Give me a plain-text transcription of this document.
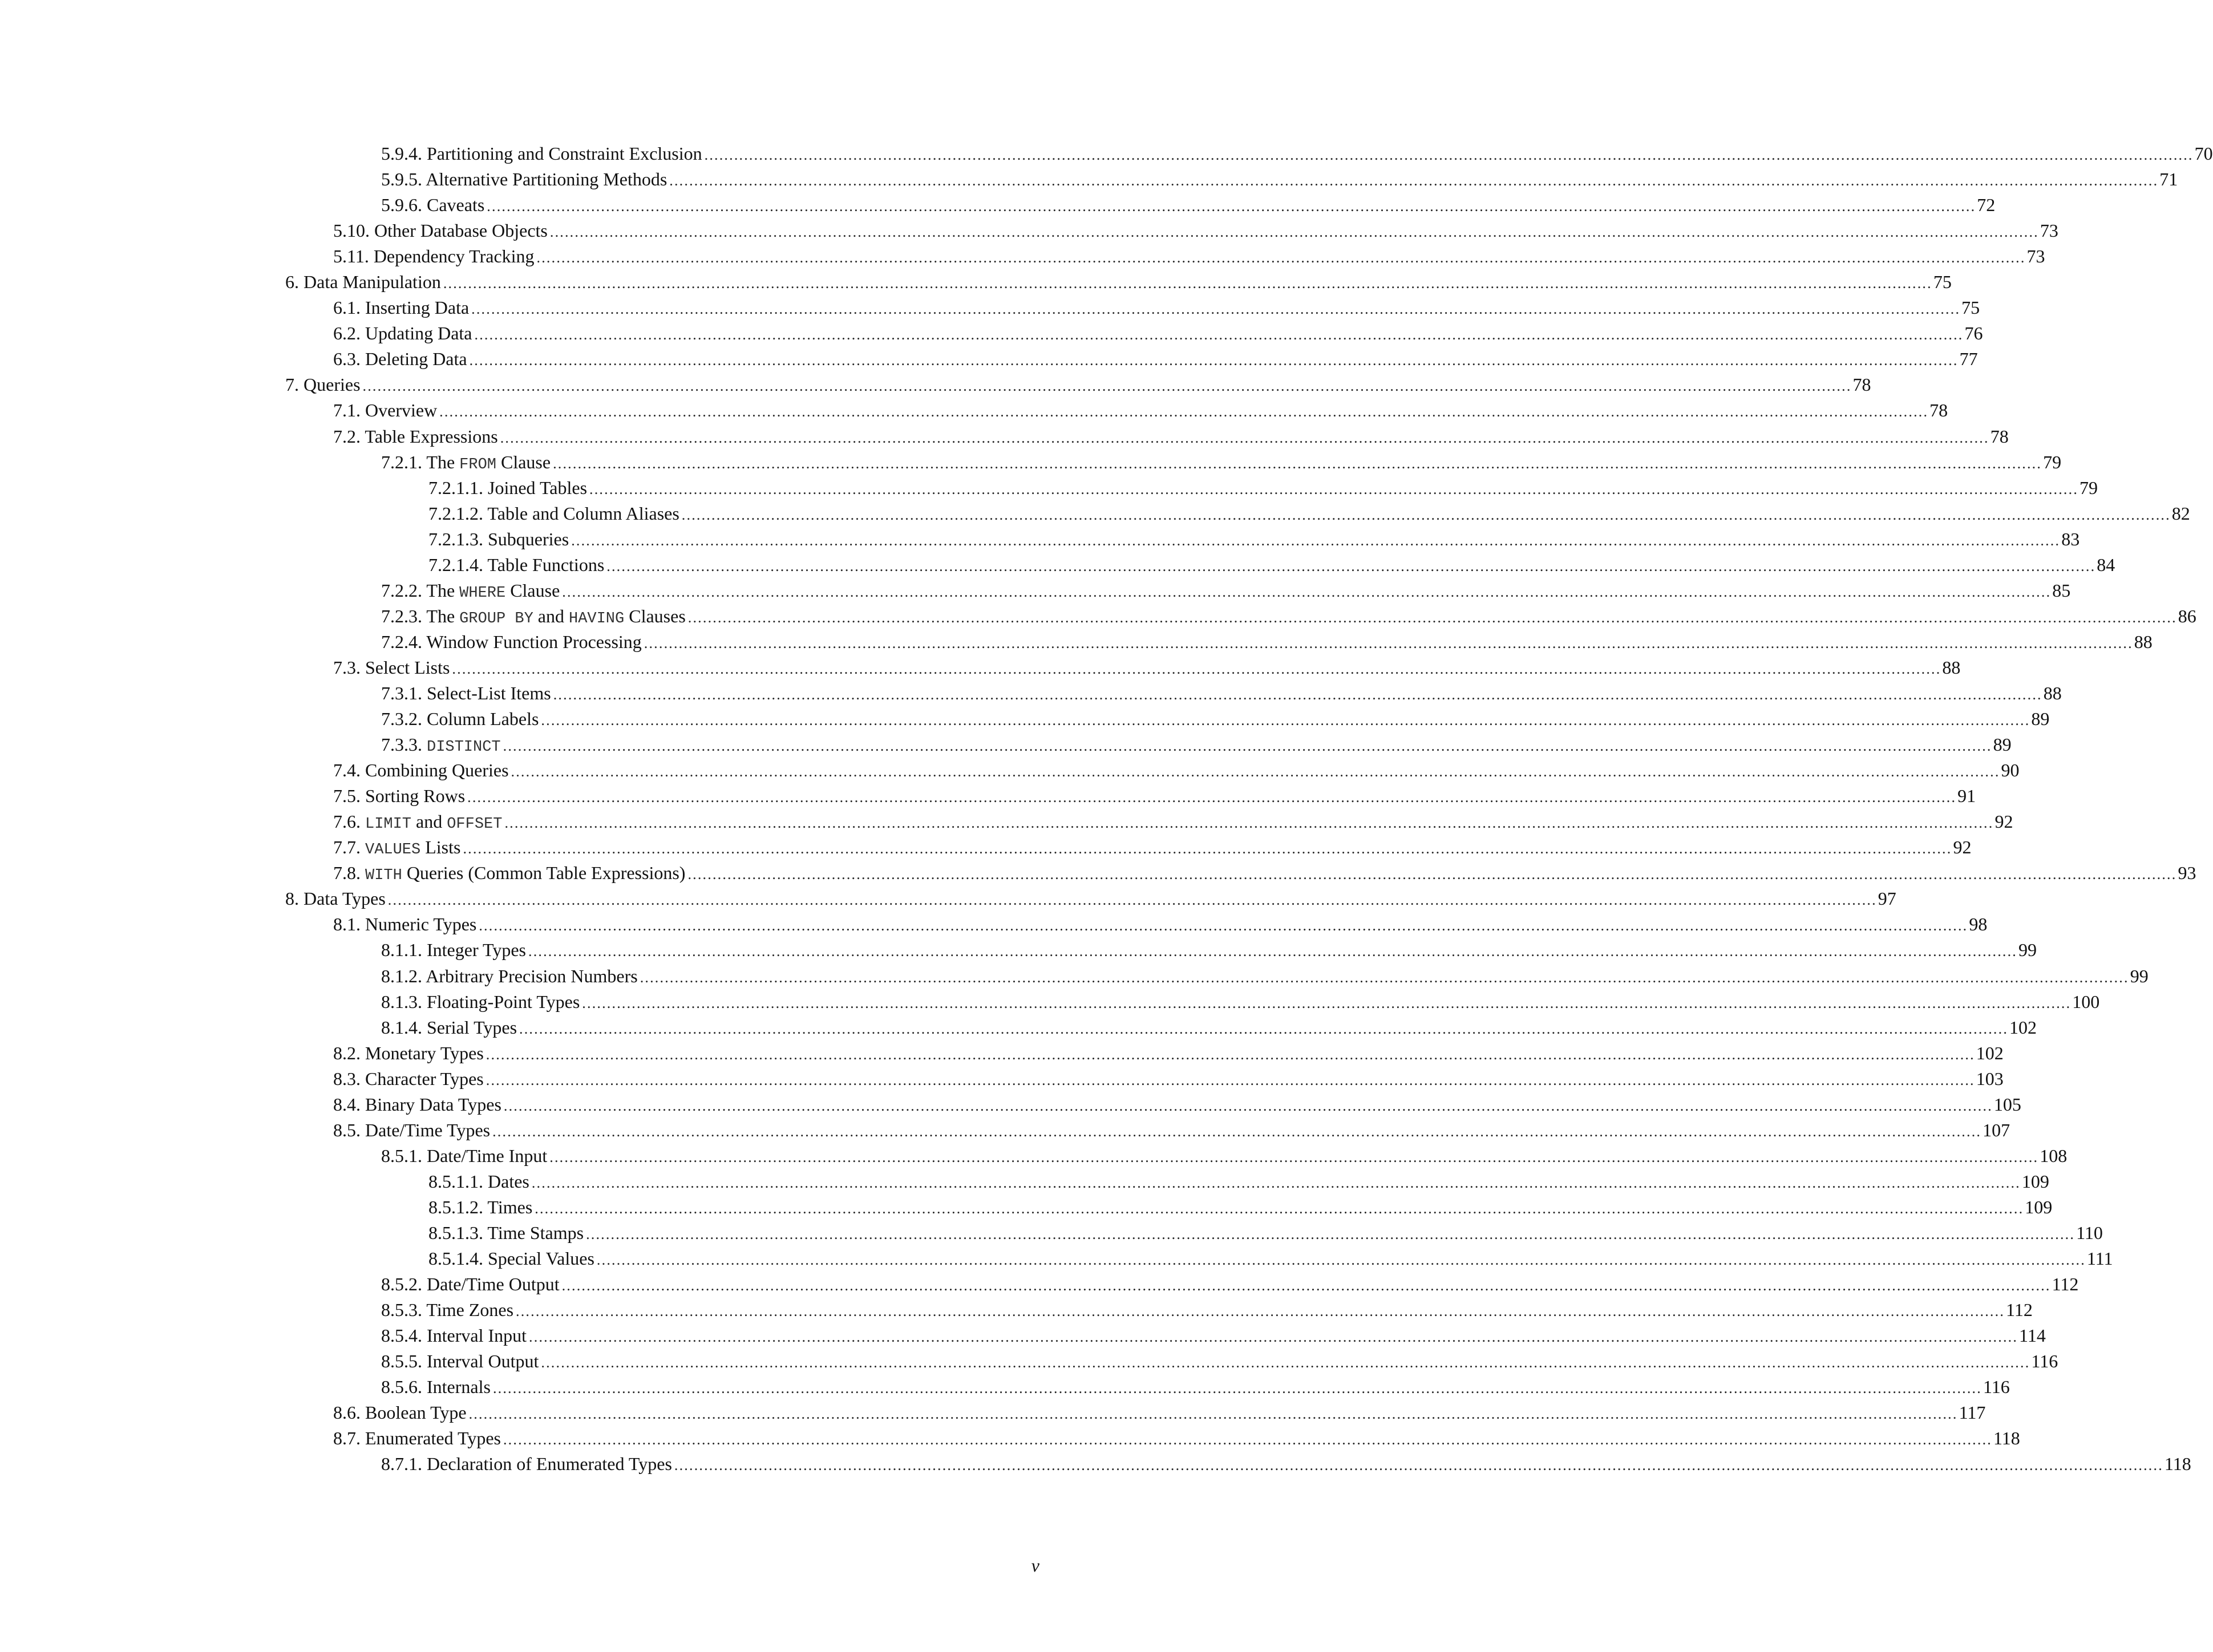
5.9.4. Partitioning and Constraint Exclusion ............................................................................................................................................................................................................................................................................................................ 70
5.9.5. Alternative Partitioning Methods ............................................................................................................................................................................................................................................................................................................ 71
5.9.6. Caveats ............................................................................................................................................................................................................................................................................................................ 72
5.10. Other Database Objects ............................................................................................................................................................................................................................................................................................................ 73
5.11. Dependency Tracking ............................................................................................................................................................................................................................................................................................................ 73
6. Data Manipulation ............................................................................................................................................................................................................................................................................................................ 75
6.1. Inserting Data ............................................................................................................................................................................................................................................................................................................ 75
6.2. Updating Data ............................................................................................................................................................................................................................................................................................................ 76
6.3. Deleting Data ............................................................................................................................................................................................................................................................................................................ 77
7. Queries ............................................................................................................................................................................................................................................................................................................ 78
7.1. Overview ............................................................................................................................................................................................................................................................................................................ 78
7.2. Table Expressions ............................................................................................................................................................................................................................................................................................................ 78
7.2.1. The FROM Clause ............................................................................................................................................................................................................................................................................................................ 79
7.2.1.1. Joined Tables ............................................................................................................................................................................................................................................................................................................ 79
7.2.1.2. Table and Column Aliases ............................................................................................................................................................................................................................................................................................................ 82
7.2.1.3. Subqueries ............................................................................................................................................................................................................................................................................................................ 83
7.2.1.4. Table Functions ............................................................................................................................................................................................................................................................................................................ 84
7.2.2. The WHERE Clause ............................................................................................................................................................................................................................................................................................................ 85
7.2.3. The GROUP BY and HAVING Clauses ............................................................................................................................................................................................................................................................................................................ 86
7.2.4. Window Function Processing ............................................................................................................................................................................................................................................................................................................ 88
7.3. Select Lists ............................................................................................................................................................................................................................................................................................................ 88
7.3.1. Select-List Items ............................................................................................................................................................................................................................................................................................................ 88
7.3.2. Column Labels ............................................................................................................................................................................................................................................................................................................ 89
7.3.3. DISTINCT ............................................................................................................................................................................................................................................................................................................ 89
7.4. Combining Queries ............................................................................................................................................................................................................................................................................................................ 90
7.5. Sorting Rows ............................................................................................................................................................................................................................................................................................................ 91
7.6. LIMIT and OFFSET ............................................................................................................................................................................................................................................................................................................ 92
7.7. VALUES Lists ............................................................................................................................................................................................................................................................................................................ 92
7.8. WITH Queries (Common Table Expressions) ............................................................................................................................................................................................................................................................................................................ 93
8. Data Types ............................................................................................................................................................................................................................................................................................................ 97
8.1. Numeric Types ............................................................................................................................................................................................................................................................................................................ 98
8.1.1. Integer Types ............................................................................................................................................................................................................................................................................................................ 99
8.1.2. Arbitrary Precision Numbers ............................................................................................................................................................................................................................................................................................................ 99
8.1.3. Floating-Point Types ............................................................................................................................................................................................................................................................................................................ 100
8.1.4. Serial Types ............................................................................................................................................................................................................................................................................................................ 102
8.2. Monetary Types ............................................................................................................................................................................................................................................................................................................ 102
8.3. Character Types ............................................................................................................................................................................................................................................................................................................ 103
8.4. Binary Data Types ............................................................................................................................................................................................................................................................................................................ 105
8.5. Date/Time Types ............................................................................................................................................................................................................................................................................................................ 107
8.5.1. Date/Time Input ............................................................................................................................................................................................................................................................................................................ 108
8.5.1.1. Dates ............................................................................................................................................................................................................................................................................................................ 109
8.5.1.2. Times ............................................................................................................................................................................................................................................................................................................ 109
8.5.1.3. Time Stamps ............................................................................................................................................................................................................................................................................................................ 110
8.5.1.4. Special Values ............................................................................................................................................................................................................................................................................................................ 111
8.5.2. Date/Time Output ............................................................................................................................................................................................................................................................................................................ 112
8.5.3. Time Zones ............................................................................................................................................................................................................................................................................................................ 112
8.5.4. Interval Input ............................................................................................................................................................................................................................................................................................................ 114
8.5.5. Interval Output ............................................................................................................................................................................................................................................................................................................ 116
8.5.6. Internals ............................................................................................................................................................................................................................................................................................................ 116
8.6. Boolean Type ............................................................................................................................................................................................................................................................................................................ 117
8.7. Enumerated Types ............................................................................................................................................................................................................................................................................................................ 118
8.7.1. Declaration of Enumerated Types ............................................................................................................................................................................................................................................................................................................ 118
v
